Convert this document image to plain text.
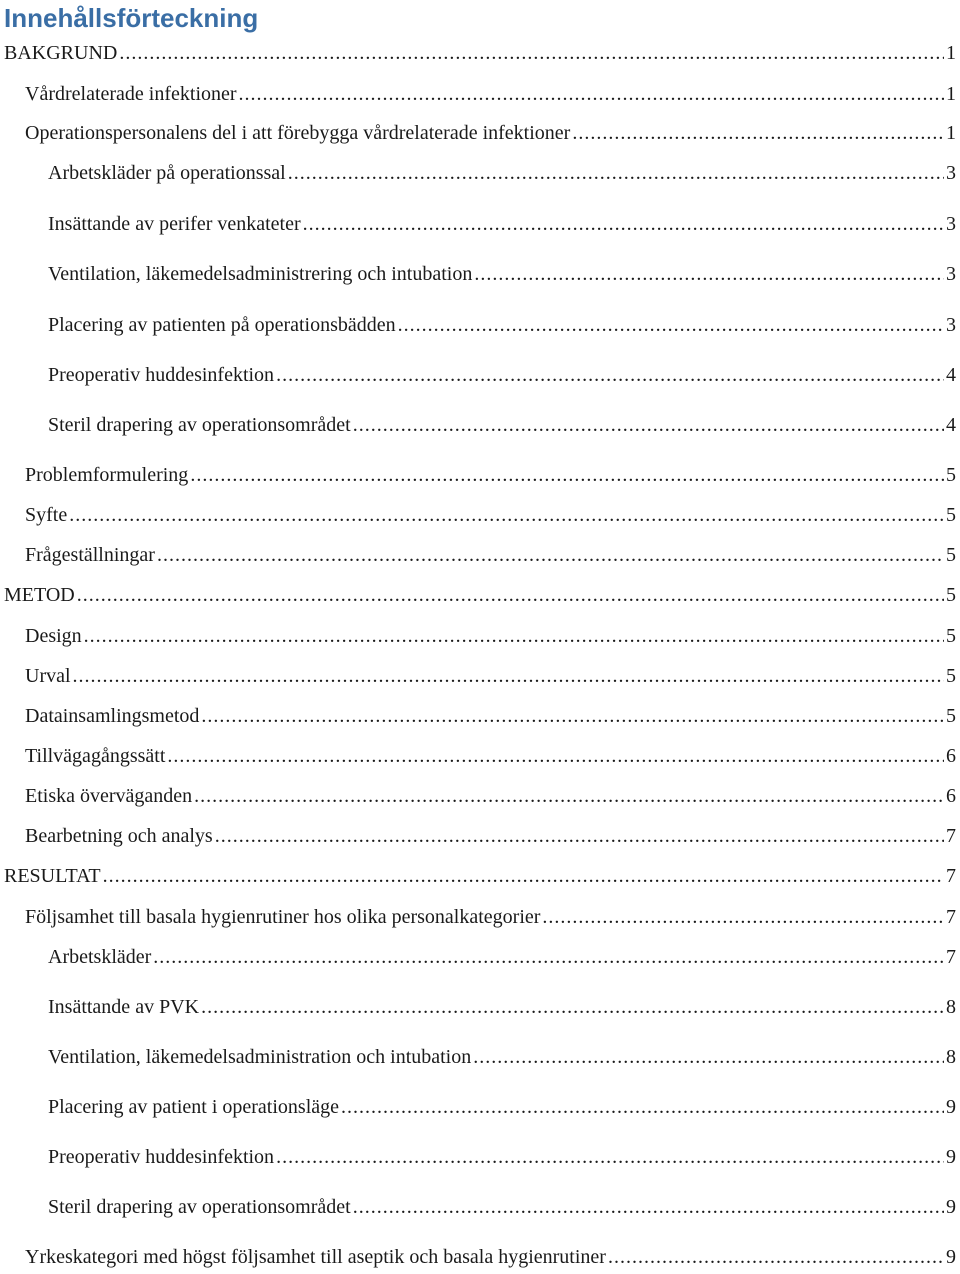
Innehållsförteckning
BAKGRUND .....	1
Vårdrelaterade infektioner .....	1
Operationspersonalens del i att förebygga vårdrelaterade infektioner .....	1
Arbetskläder på operationssal .....	3
Insättande av perifer venkateter .....	3
Ventilation, läkemedelsadministrering och intubation .....	3
Placering av patienten på operationsbädden .....	3
Preoperativ huddesinfektion .....	4
Steril drapering av operationsområdet .....	4
Problemformulering .....	5
Syfte .....	5
Frågeställningar .....	5
METOD .....	5
Design .....	5
Urval .....	5
Datainsamlingsmetod .....	5
Tillvägagångssätt .....	6
Etiska överväganden .....	6
Bearbetning och analys .....	7
RESULTAT .....	7
Följsamhet till basala hygienrutiner hos olika personalkategorier .....	7
Arbetskläder .....	7
Insättande av PVK .....	8
Ventilation, läkemedelsadministration och intubation .....	8
Placering av patient i operationsläge .....	9
Preoperativ huddesinfektion .....	9
Steril drapering av operationsområdet .....	9
Yrkeskategori med högst följsamhet till aseptik och basala hygienrutiner .....	9
